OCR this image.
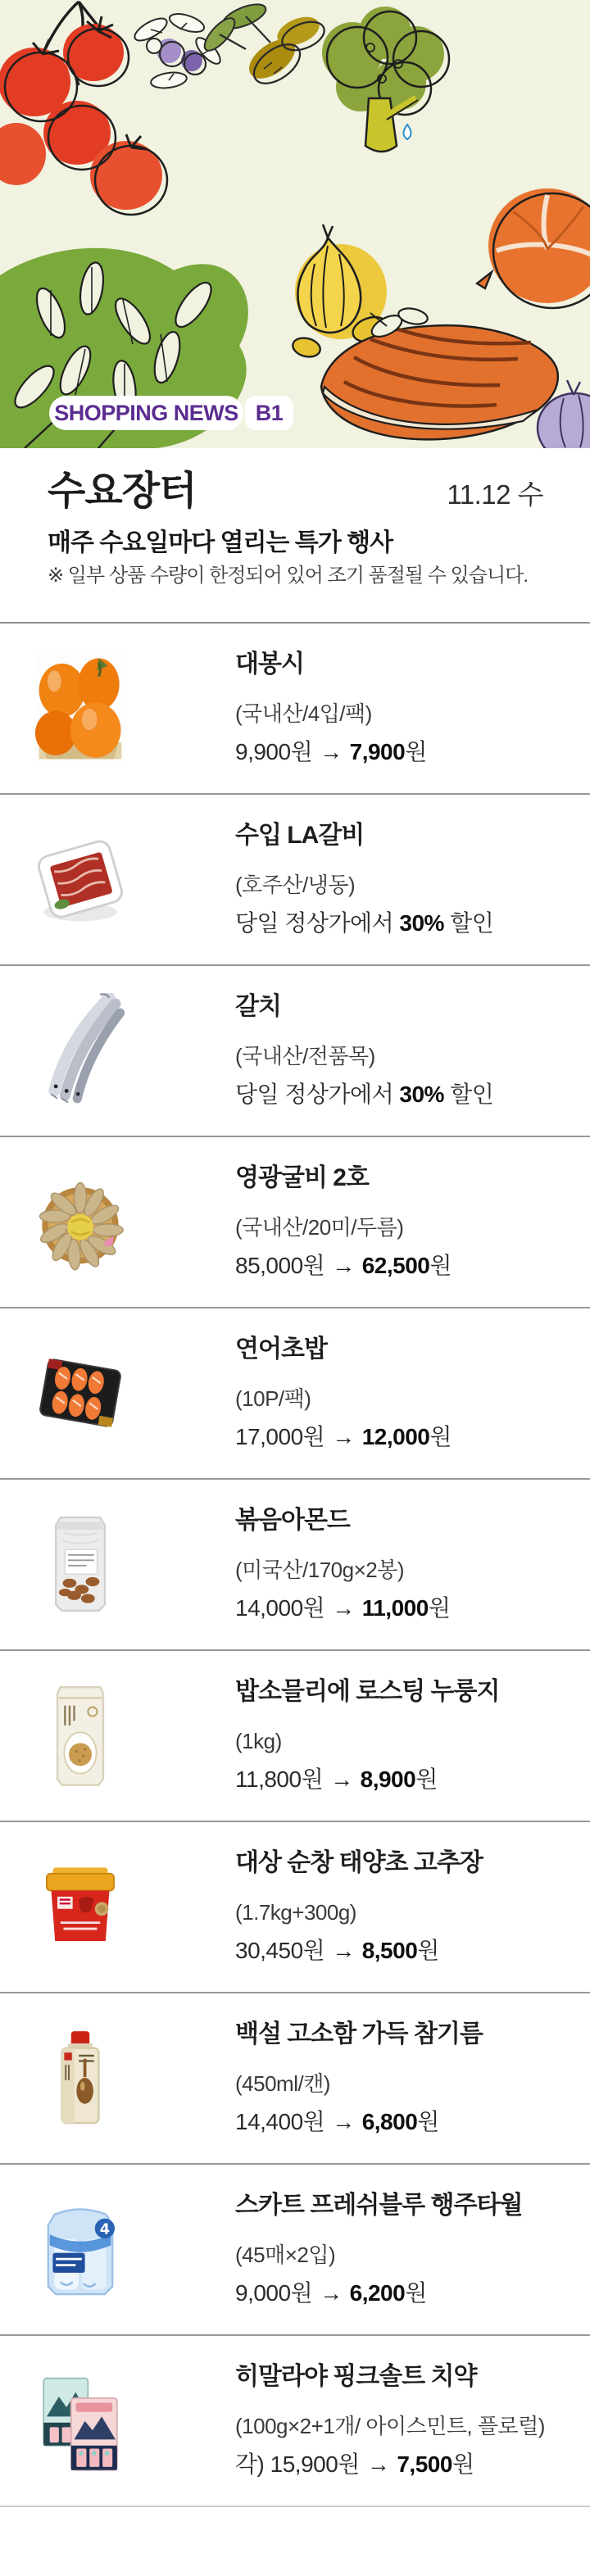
SHOPPING NEWS B1
수요장터	11.12 수
매주 수요일마다 열리는 특가 행사
※ 일부 상품 수량이 한정되어 있어 조기 품절될 수 있습니다.
대봉시
(국내산/4입/팩)
9,900원 → 7,900원
수입 LA갈비
(호주산/냉동)
당일 정상가에서 30% 할인
갈치
(국내산/전품목)
당일 정상가에서 30% 할인
영광굴비 2호
(국내산/20미/두름)
85,000원 → 62,500원
연어초밥
(10P/팩)
17,000원 → 12,000원
볶음아몬드
(미국산/170g×2봉)
14,000원 → 11,000원
밥소믈리에 로스팅 누룽지
(1kg)
11,800원 → 8,900원
대상 순창 태양초 고추장
(1.7kg+300g)
30,450원 → 8,500원
백설 고소함 가득 참기름
(450ml/캔)
14,400원 → 6,800원
4
스카트 프레쉬블루 행주타월
(45매×2입)
9,000원 → 6,200원
히말라야 핑크솔트 치약
(100g×2+1개/ 아이스민트, 플로럴)
각) 15,900원 → 7,500원
